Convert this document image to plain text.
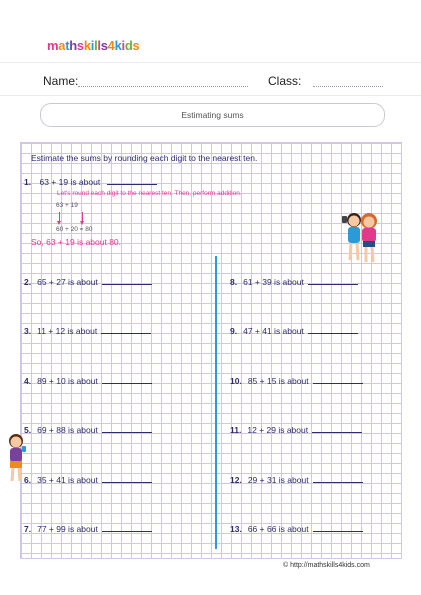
mathskills4kids
Name:	Class:
Estimating sums
Estimate the sums by rounding each digit to the nearest ten.
1. 63 + 19 is about
Let's round each digit to the nearest ten. Then, perform addition.
63 + 19
60 + 20 = 80
So, 63 + 19 is about 80.
2. 65 + 27 is about
3. 11 + 12 is about
4. 89 + 10 is about
5. 69 + 88 is about
6. 35 + 41 is about
7. 77 + 99 is about
8. 61 + 39 is about
9. 47 + 41 is about
10. 85 + 15 is about
11. 12 + 29 is about
12. 29 + 31 is about
13. 66 + 66 is about
© http://mathskills4kids.com
